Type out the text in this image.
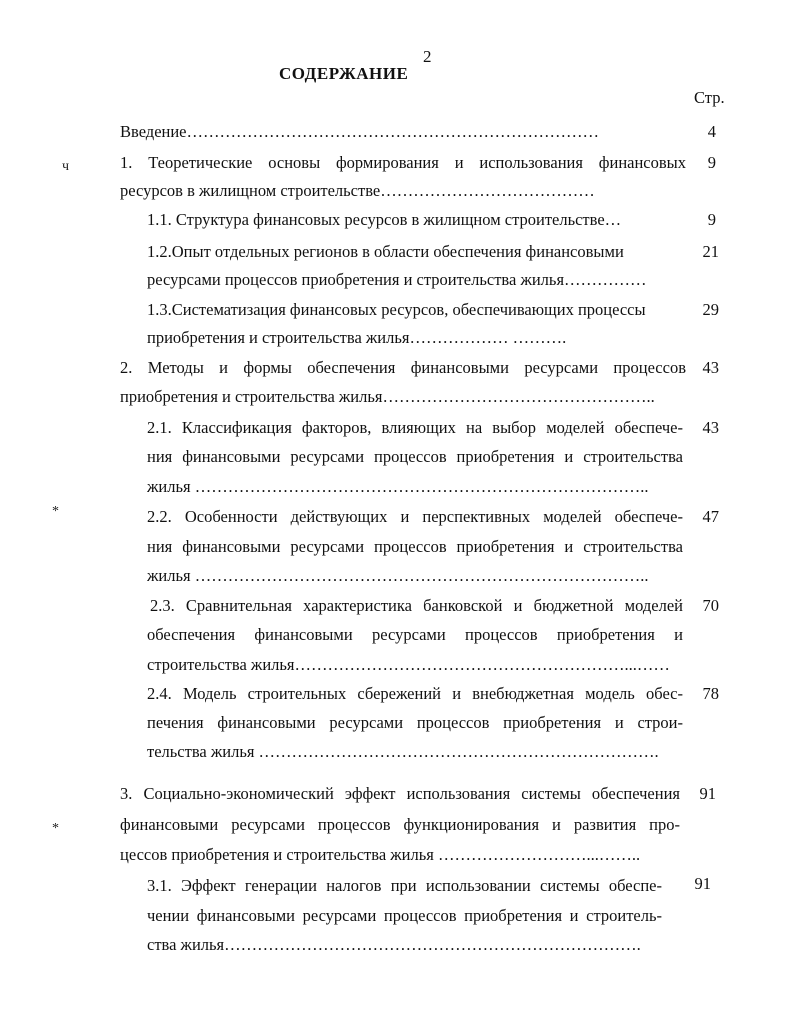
2
СОДЕРЖАНИЕ
Стр.
ч
*
*
Введение…………………………………………………………………	4
1. Теоретические основы формирования и использования финансовых
ресурсов в жилищном строительстве…………………………………
9
1.1. Структура финансовых ресурсов в жилищном строительстве…	9
1.2.Опыт отдельных регионов в области обеспечения финансовыми
ресурсами процессов приобретения и строительства жилья……………
21
1.3.Систематизация финансовых ресурсов, обеспечивающих процессы
приобретения и строительства жилья……………… ……….
29
2. Методы и формы обеспечения финансовыми ресурсами процессов
приобретения и строительства жилья…………………………………………..
43
2.1. Классификация факторов, влияющих на выбор моделей обеспече-
ния финансовыми ресурсами процессов приобретения и строительства
жилья ………………………………………………………………………..
43
2.2. Особенности действующих и перспективных моделей обеспече-
ния финансовыми ресурсами процессов приобретения и строительства
жилья ………………………………………………………………………..
47
2.3. Сравнительная характеристика банковской и бюджетной моделей
обеспечения финансовыми ресурсами процессов приобретения и
строительства жилья……………………………………………………...……
70
2.4. Модель строительных сбережений и внебюджетная модель обес-
печения финансовыми ресурсами процессов приобретения и строи-
тельства жилья ……………………………………………………………….
78
3. Социально-экономический эффект использования системы обеспечения
финансовыми ресурсами процессов функционирования и развития про-
цессов приобретения и строительства жилья ………………………...……..
91
3.1. Эффект генерации налогов при использовании системы обеспе-
чении финансовыми ресурсами процессов приобретения и строитель-
ства жилья………………………………………………………………….
91
